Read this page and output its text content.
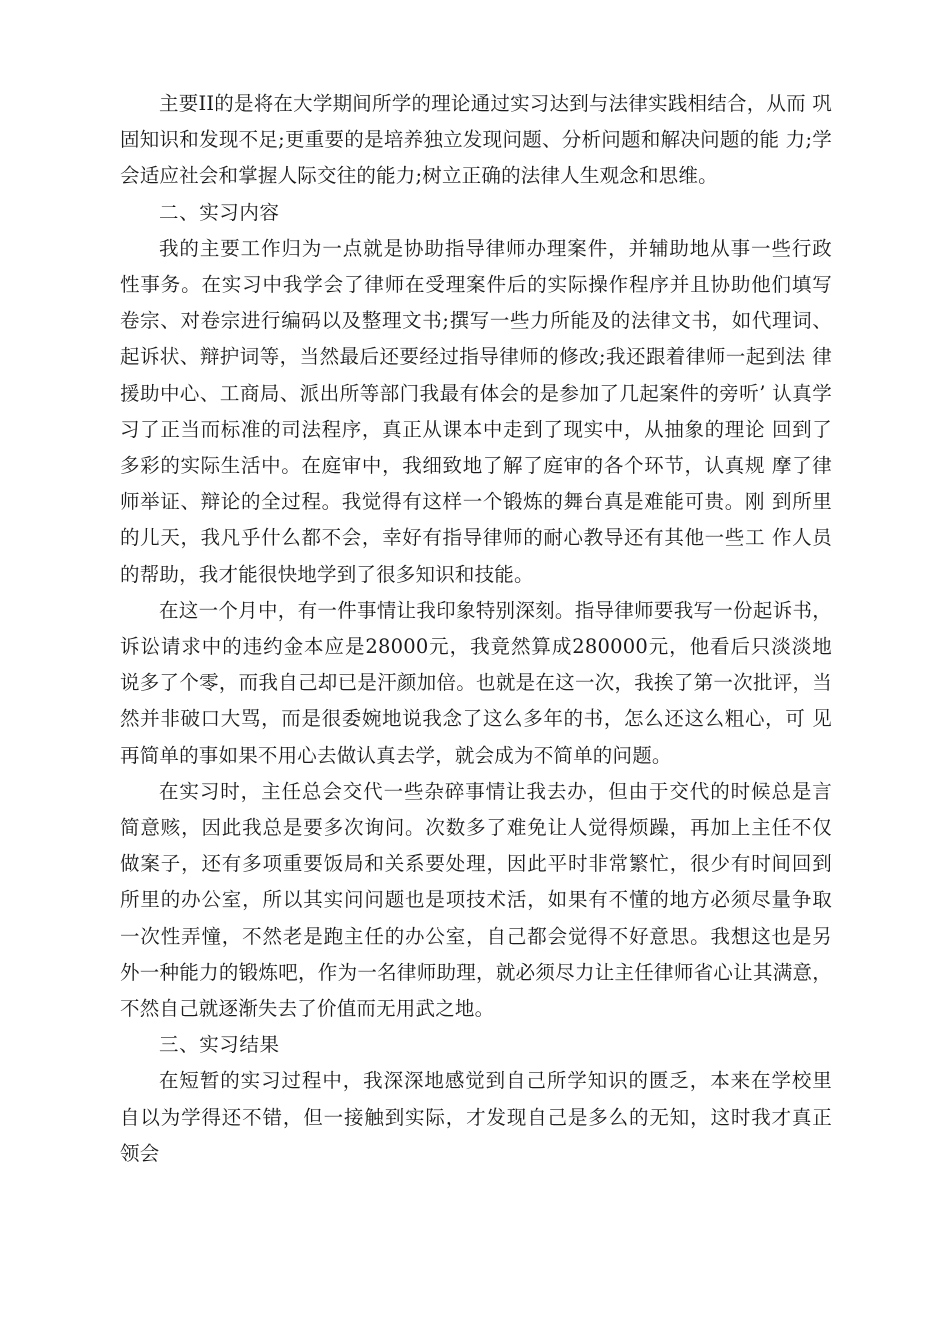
主要II的是将在大学期间所学的理论通过实习达到与法律实践相结合，从而 巩固知识和发现不足;更重要的是培养独立发现问题、分析问题和解决问题的能 力;学会适应社会和掌握人际交往的能力;树立正确的法律人生观念和思维。

二、实习内容

我的主要工作归为一点就是协助指导律师办理案件，并辅助地从事一些行政 性事务。在实习中我学会了律师在受理案件后的实际操作程序并且协助他们填写 卷宗、对卷宗进行编码以及整理文书;撰写一些力所能及的法律文书，如代理词、 起诉状、辩护词等，当然最后还要经过指导律师的修改;我还跟着律师一起到法 律援助中心、工商局、派出所等部门我最有体会的是参加了几起案件的旁听’ 认真学习了正当而标准的司法程序，真正从课本中走到了现实中，从抽象的理论 回到了多彩的实际生活中。在庭审中，我细致地了解了庭审的各个环节，认真规 摩了律师举证、辩论的全过程。我觉得有这样一个锻炼的舞台真是难能可贵。刚 到所里的儿天，我凡乎什么都不会，幸好有指导律师的耐心教导还有其他一些工 作人员的帮助，我才能很快地学到了很多知识和技能。

在这一个月中，有一件事情让我印象特别深刻。指导律师要我写一份起诉书，诉讼请求中的违约金本应是28000元，我竟然算成280000元，他看后只淡淡地 说多了个零，而我自己却已是汗颜加倍。也就是在这一次，我挨了第一次批评，当然并非破口大骂，而是很委婉地说我念了这么多年的书，怎么还这么粗心，可 见再简单的事如果不用心去做认真去学，就会成为不简单的问题。

在实习时，主任总会交代一些杂碎事情让我去办，但由于交代的时候总是言 简意赅，因此我总是要多次询问。次数多了难免让人觉得烦躁，再加上主任不仅 做案子，还有多项重要饭局和关系要处理，因此平时非常繁忙，很少有时间回到 所里的办公室，所以其实问问题也是项技术活，如果有不懂的地方必须尽量争取 一次性弄憧，不然老是跑主任的办公室，自己都会觉得不好意思。我想这也是另 外一种能力的锻炼吧，作为一名律师助理，就必须尽力让主任律师省心让其满意，不然自己就逐渐失去了价值而无用武之地。

三、实习结果

在短暂的实习过程中，我深深地感觉到自己所学知识的匮乏，本来在学校里 自以为学得还不错，但一接触到实际，才发现自己是多么的无知，这时我才真正 领会
